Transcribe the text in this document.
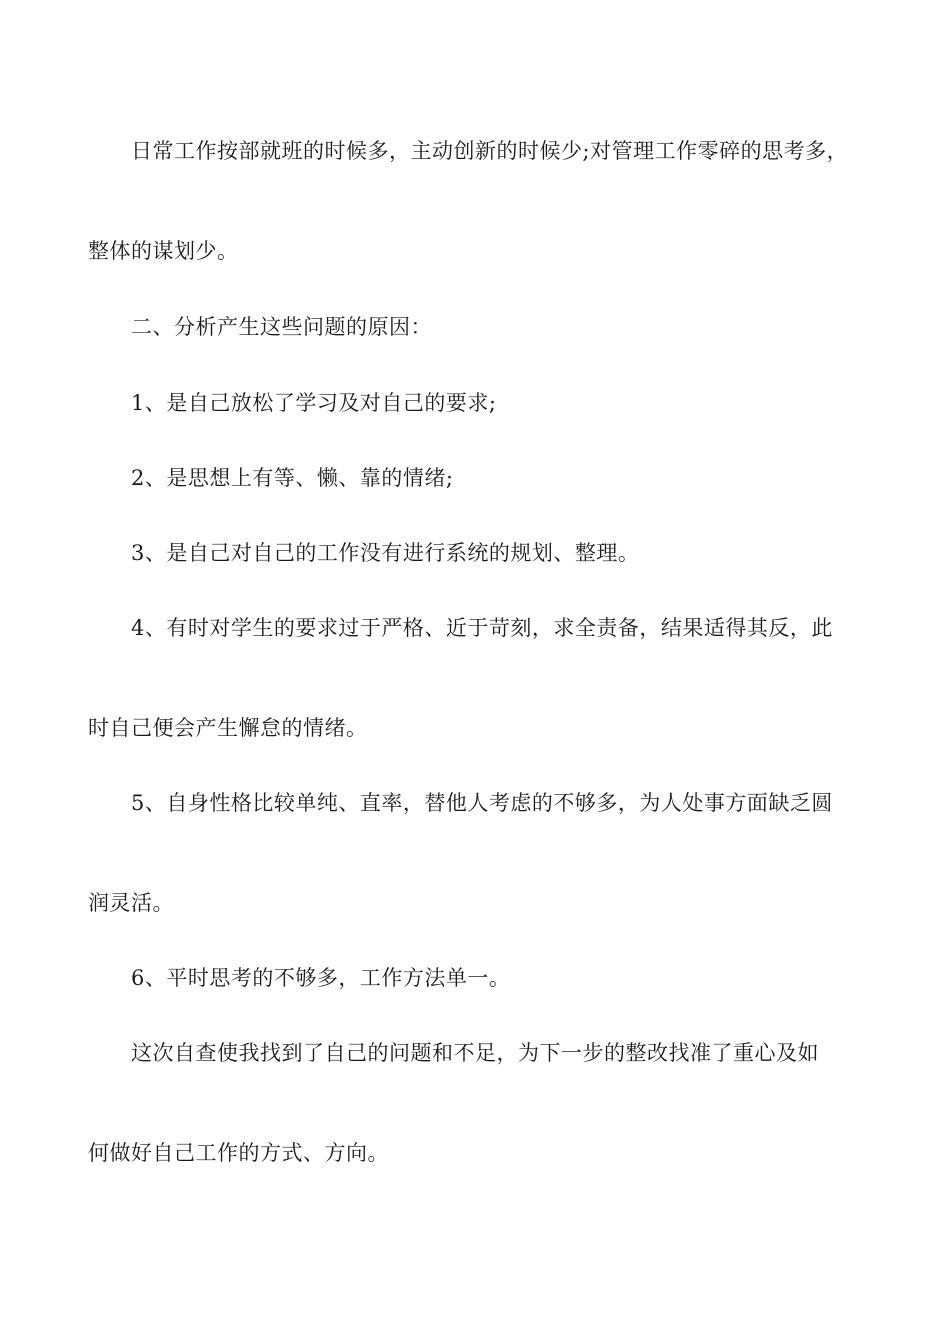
日常工作按部就班的时候多，主动创新的时候少;对管理工作零碎的思考多，
整体的谋划少。
二、分析产生这些问题的原因：
1、是自己放松了学习及对自己的要求;
2、是思想上有等、懒、靠的情绪;
3、是自己对自己的工作没有进行系统的规划、整理。
4、有时对学生的要求过于严格、近于苛刻，求全责备，结果适得其反，此
时自己便会产生懈怠的情绪。
5、自身性格比较单纯、直率，替他人考虑的不够多，为人处事方面缺乏圆
润灵活。
6、平时思考的不够多，工作方法单一。
这次自查使我找到了自己的问题和不足，为下一步的整改找准了重心及如
何做好自己工作的方式、方向。
